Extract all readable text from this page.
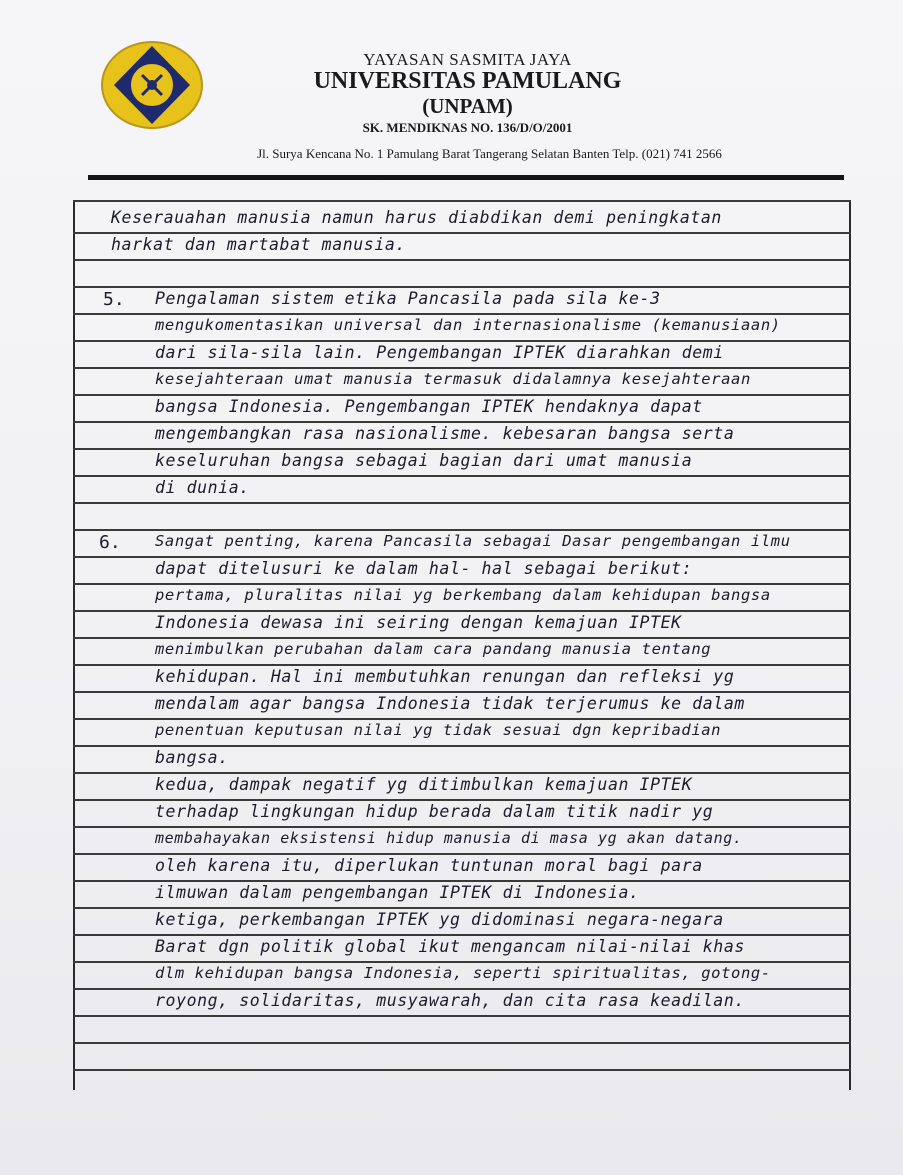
YAYASAN SASMITA JAYA
UNIVERSITAS PAMULANG
(UNPAM)
SK. MENDIKNAS NO. 136/D/O/2001
Jl. Surya Kencana No. 1 Pamulang Barat Tangerang Selatan Banten Telp. (021) 741 2566
Keserauahan manusia namun harus diabdikan demi peningkatan
harkat dan martabat manusia.
5. Pengalaman sistem etika Pancasila pada sila ke-3
mengukomentasikan universal dan internasionalisme (kemanusiaan)
dari sila-sila lain. Pengembangan IPTEK diarahkan demi
kesejahteraan umat manusia termasuk didalamnya kesejahteraan
bangsa Indonesia. Pengembangan IPTEK hendaknya dapat
mengembangkan rasa nasionalisme. kebesaran bangsa serta
keseluruhan bangsa sebagai bagian dari umat manusia
di dunia.
6. Sangat penting, karena Pancasila sebagai Dasar pengembangan ilmu
dapat ditelusuri ke dalam hal- hal sebagai berikut:
pertama, pluralitas nilai yg berkembang dalam kehidupan bangsa
Indonesia dewasa ini seiring dengan kemajuan IPTEK
menimbulkan perubahan dalam cara pandang manusia tentang
kehidupan. Hal ini membutuhkan renungan dan refleksi yg
mendalam agar bangsa Indonesia tidak terjerumus ke dalam
penentuan keputusan nilai yg tidak sesuai dgn kepribadian
bangsa.
kedua, dampak negatif yg ditimbulkan kemajuan IPTEK
terhadap lingkungan hidup berada dalam titik nadir yg
membahayakan eksistensi hidup manusia di masa yg akan datang.
oleh karena itu, diperlukan tuntunan moral bagi para
ilmuwan dalam pengembangan IPTEK di Indonesia.
ketiga, perkembangan IPTEK yg didominasi negara-negara
Barat dgn politik global ikut mengancam nilai-nilai khas
dlm kehidupan bangsa Indonesia, seperti spiritualitas, gotong-
royong, solidaritas, musyawarah, dan cita rasa keadilan.
